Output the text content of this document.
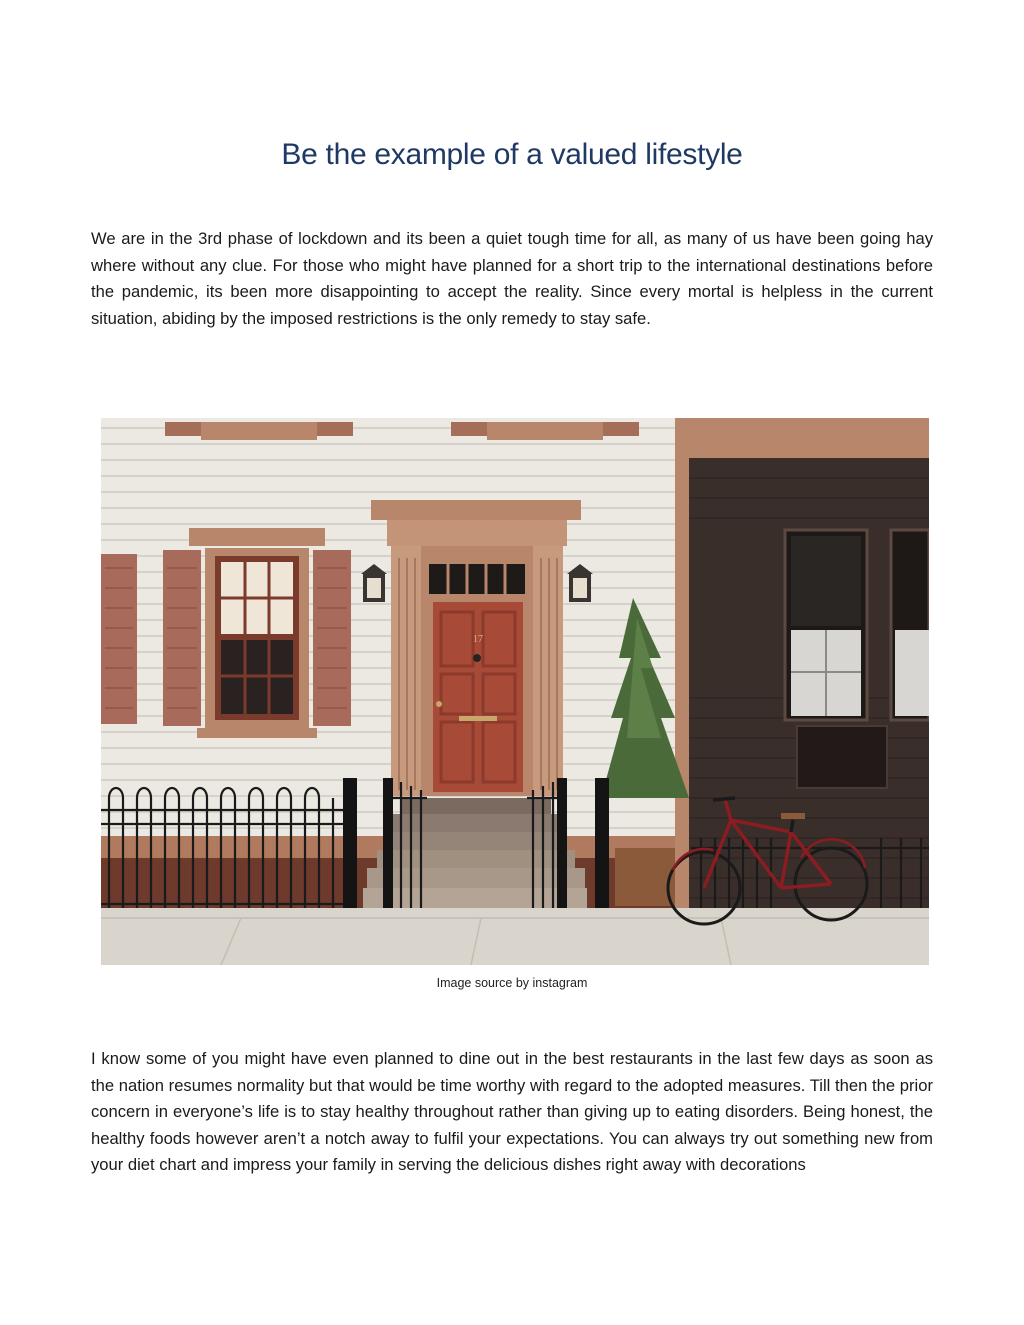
Be the example of a valued lifestyle

We are in the 3rd phase of lockdown and its been a quiet tough time for all, as many of us have been going hay where without any clue. For those who might have planned for a short trip to the international destinations before the pandemic, its been more disappointing to accept the reality. Since every mortal is helpless in the current situation, abiding by the imposed restrictions is the only remedy to stay safe.

17
Image source by instagram

I know some of you might have even planned to dine out in the best restaurants in the last few days as soon as the nation resumes normality but that would be time worthy with regard to the adopted measures. Till then the prior concern in everyone’s life is to stay healthy throughout rather than giving up to eating disorders. Being honest, the healthy foods however aren’t a notch away to fulfil your expectations. You can always try out something new from your diet chart and impress your family in serving the delicious dishes right away with decorations
